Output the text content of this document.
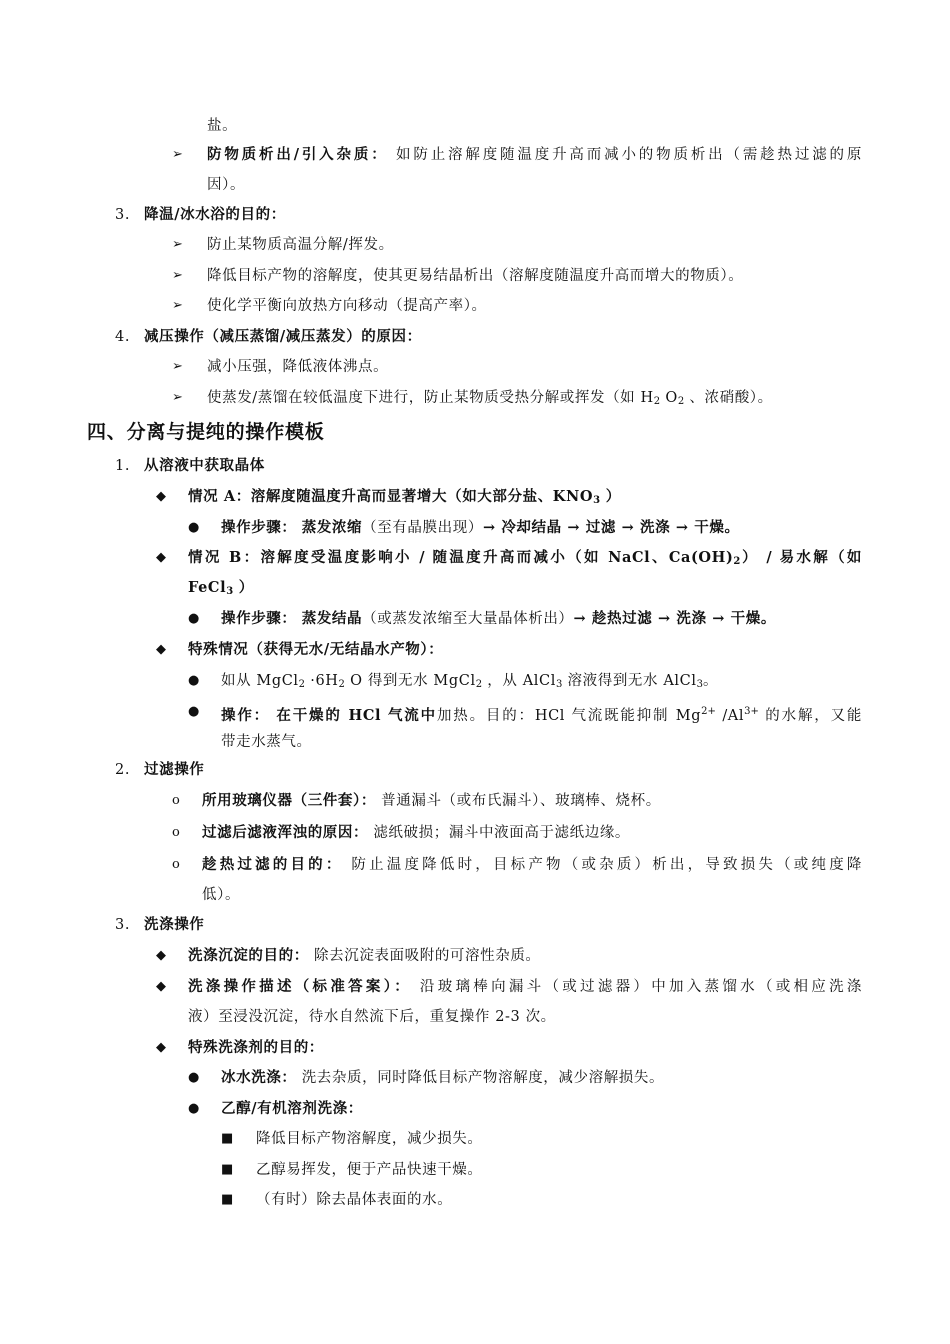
盐。
➢ 防物质析出/引入杂质： 如防止溶解度随温度升高而减小的物质析出（需趁热过滤的原
因）。
3. 降温/冰水浴的目的：
➢ 防止某物质高温分解/挥发。
➢ 降低目标产物的溶解度，使其更易结晶析出（溶解度随温度升高而增大的物质）。
➢ 使化学平衡向放热方向移动（提高产率）。
4. 减压操作（减压蒸馏/减压蒸发）的原因：
➢ 减小压强，降低液体沸点。
➢ 使蒸发/蒸馏在较低温度下进行，防止某物质受热分解或挥发（如 $H_2$ $O_2$ 、浓硝酸）。
四、分离与提纯的操作模板
1. 从溶液中获取晶体
◆ 情况 A：溶解度随温度升高而显著增大（如大部分盐、$KNO_3$ ）
● 操作步骤： 蒸发浓缩（至有晶膜出现）→ 冷却结晶 → 过滤 → 洗涤 → 干燥。
◆ 情况 B：溶解度受温度影响小 / 随温度升高而减小（如 NaCl、$Ca(OH)_2$） / 易水解（如
FeCl$_3$ ）
● 操作步骤： 蒸发结晶（或蒸发浓缩至大量晶体析出）→ 趁热过滤 → 洗涤 → 干燥。
◆ 特殊情况（获得无水/无结晶水产物）：
● 如从 MgCl$_2$ $\cdot 6H_2$ O 得到无水 MgCl$_2$ ，从 AlCl$_3$ 溶液得到无水 AlCl$_3$。
● 操作： 在干燥的 HCl 气流中加热。目的：HCl 气流既能抑制 $Mg^{2+}$ $/Al^{3+}$ 的水解，又能
带走水蒸气。
2. 过滤操作
o 所用玻璃仪器（三件套）： 普通漏斗（或布氏漏斗）、玻璃棒、烧杯。
o 过滤后滤液浑浊的原因： 滤纸破损；漏斗中液面高于滤纸边缘。
o 趁热过滤的目的： 防止温度降低时，目标产物（或杂质）析出，导致损失（或纯度降
低）。
3. 洗涤操作
◆ 洗涤沉淀的目的： 除去沉淀表面吸附的可溶性杂质。
◆ 洗涤操作描述（标准答案）： 沿玻璃棒向漏斗（或过滤器）中加入蒸馏水（或相应洗涤
液）至浸没沉淀，待水自然流下后，重复操作 2-3 次。
◆ 特殊洗涤剂的目的：
● 冰水洗涤： 洗去杂质，同时降低目标产物溶解度，减少溶解损失。
● 乙醇/有机溶剂洗涤：
■ 降低目标产物溶解度，减少损失。
■ 乙醇易挥发，便于产品快速干燥。
■ （有时）除去晶体表面的水。
